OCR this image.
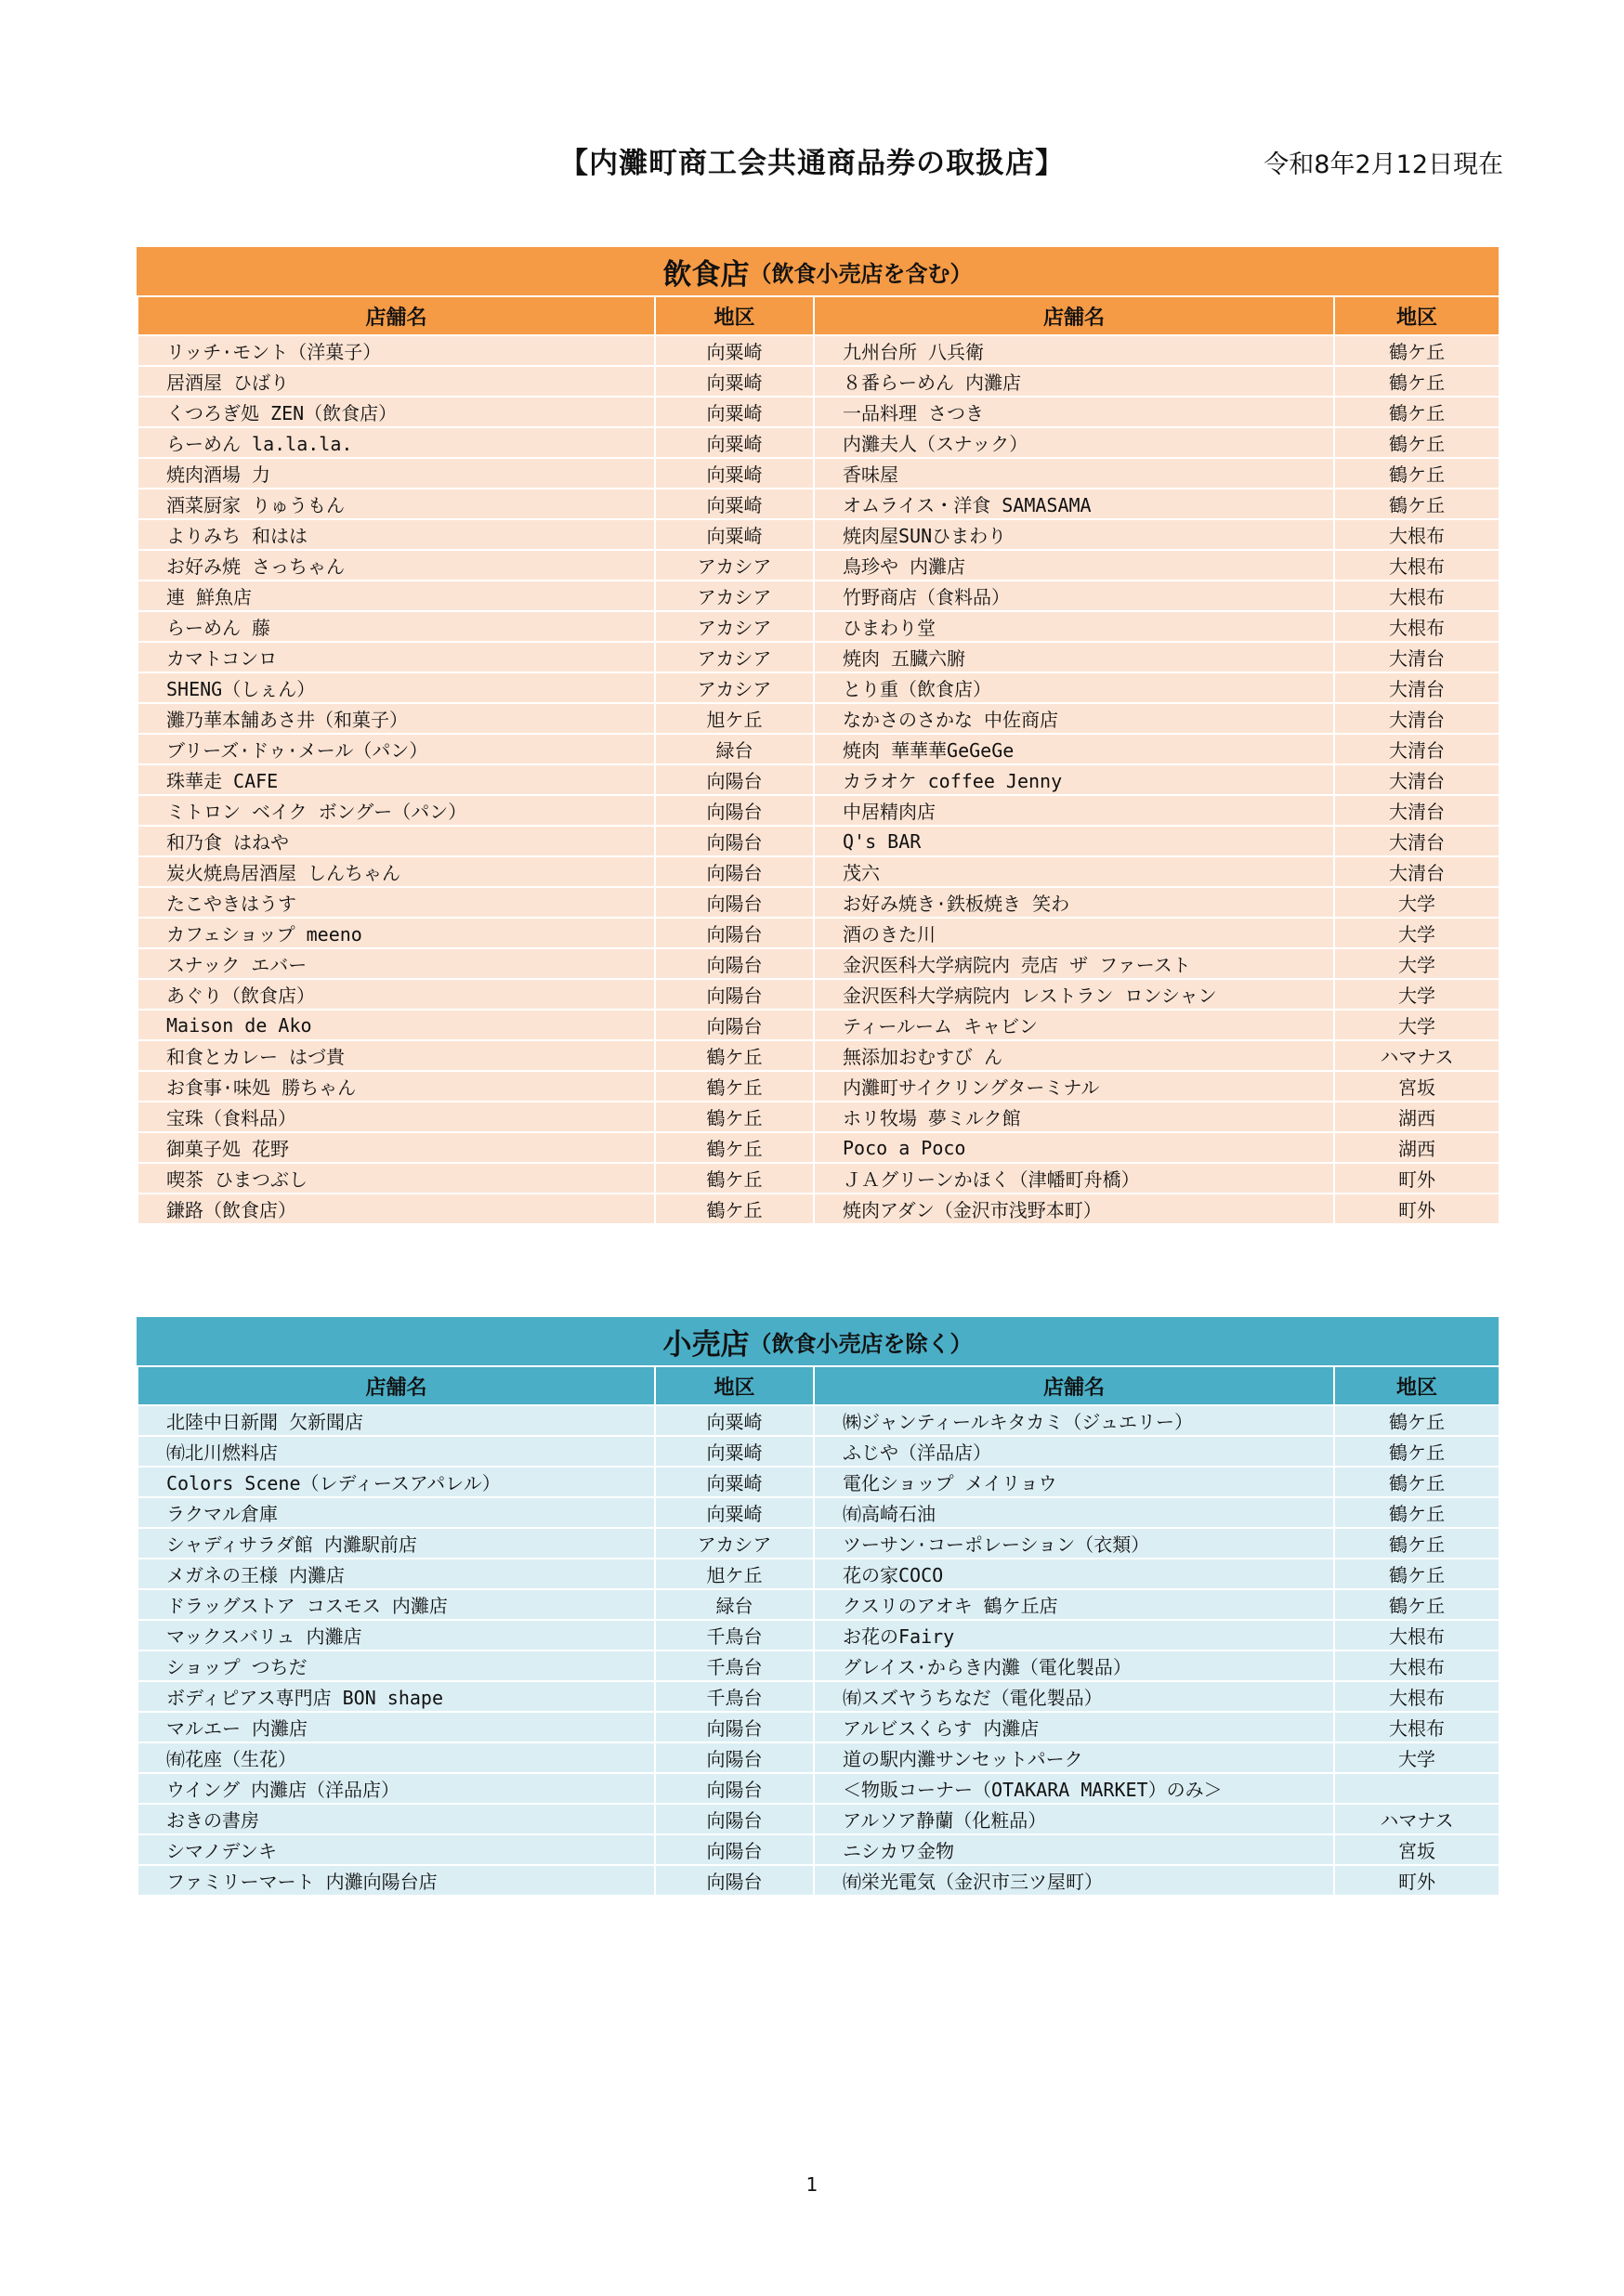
【内灘町商工会共通商品券の取扱店】	令和8年2月12日現在
飲食店 （飲食小売店を含む）
店舗名	地区	店舗名	地区
リッチ·モント（洋菓子）	向粟崎	九州台所 八兵衛	鶴ケ丘
居酒屋 ひばり	向粟崎	８番らーめん 内灘店	鶴ケ丘
くつろぎ処 ZEN（飲食店）	向粟崎	一品料理 さつき	鶴ケ丘
らーめん la.la.la.	向粟崎	内灘夫人（スナック）	鶴ケ丘
焼肉酒場 力	向粟崎	香味屋	鶴ケ丘
酒菜厨家 りゅうもん	向粟崎	オムライス・洋食 SAMASAMA	鶴ケ丘
よりみち 和はは	向粟崎	焼肉屋SUNひまわり	大根布
お好み焼 さっちゃん	アカシア	鳥珍や 内灘店	大根布
連 鮮魚店	アカシア	竹野商店（食料品）	大根布
らーめん 藤	アカシア	ひまわり堂	大根布
カマトコンロ	アカシア	焼肉 五臓六腑	大清台
SHENG（しぇん）	アカシア	とり重（飲食店）	大清台
灘乃華本舗あさ井（和菓子）	旭ケ丘	なかさのさかな 中佐商店	大清台
ブリーズ·ドゥ·メール（パン）	緑台	焼肉 華華華GeGeGe	大清台
珠華走 CAFE	向陽台	カラオケ coffee Jenny	大清台
ミトロン ベイク ボングー（パン）	向陽台	中居精肉店	大清台
和乃食 はねや	向陽台	Q's BAR	大清台
炭火焼鳥居酒屋 しんちゃん	向陽台	茂六	大清台
たこやきはうす	向陽台	お好み焼き·鉄板焼き 笑わ	大学
カフェショップ meeno	向陽台	酒のきた川	大学
スナック エバー	向陽台	金沢医科大学病院内 売店 ザ ファースト	大学
あぐり（飲食店）	向陽台	金沢医科大学病院内 レストラン ロンシャン	大学
Maison de Ako	向陽台	ティールーム キャビン	大学
和食とカレー はづ貴	鶴ケ丘	無添加おむすび ん	ハマナス
お食事·味処 勝ちゃん	鶴ケ丘	内灘町サイクリングターミナル	宮坂
宝珠（食料品）	鶴ケ丘	ホリ牧場 夢ミルク館	湖西
御菓子処 花野	鶴ケ丘	Poco a Poco	湖西
喫茶 ひまつぶし	鶴ケ丘	ＪＡグリーンかほく（津幡町舟橋）	町外
鎌路（飲食店）	鶴ケ丘	焼肉アダン（金沢市浅野本町）	町外
小売店 （飲食小売店を除く）
店舗名	地区	店舗名	地区
北陸中日新聞 欠新聞店	向粟崎	㈱ジャンティールキタカミ（ジュエリー）	鶴ケ丘
㈲北川燃料店	向粟崎	ふじや（洋品店）	鶴ケ丘
Colors Scene（レディースアパレル）	向粟崎	電化ショップ メイリョウ	鶴ケ丘
ラクマル倉庫	向粟崎	㈲高崎石油	鶴ケ丘
シャディサラダ館 内灘駅前店	アカシア	ツーサン·コーポレーション（衣類）	鶴ケ丘
メガネの王様 内灘店	旭ケ丘	花の家COCO	鶴ケ丘
ドラッグストア コスモス 内灘店	緑台	クスリのアオキ 鶴ケ丘店	鶴ケ丘
マックスバリュ 内灘店	千鳥台	お花のFairy	大根布
ショップ つちだ	千鳥台	グレイス·からき内灘（電化製品）	大根布
ボディピアス専門店 BON shape	千鳥台	㈲スズヤうちなだ（電化製品）	大根布
マルエー 内灘店	向陽台	アルビスくらす 内灘店	大根布
㈲花座（生花）	向陽台	道の駅内灘サンセットパーク	大学
ウイング 内灘店（洋品店）	向陽台	＜物販コーナー（OTAKARA MARKET）のみ＞	
おきの書房	向陽台	アルソア静蘭（化粧品）	ハマナス
シマノデンキ	向陽台	ニシカワ金物	宮坂
ファミリーマート 内灘向陽台店	向陽台	㈲栄光電気（金沢市三ツ屋町）	町外
1
